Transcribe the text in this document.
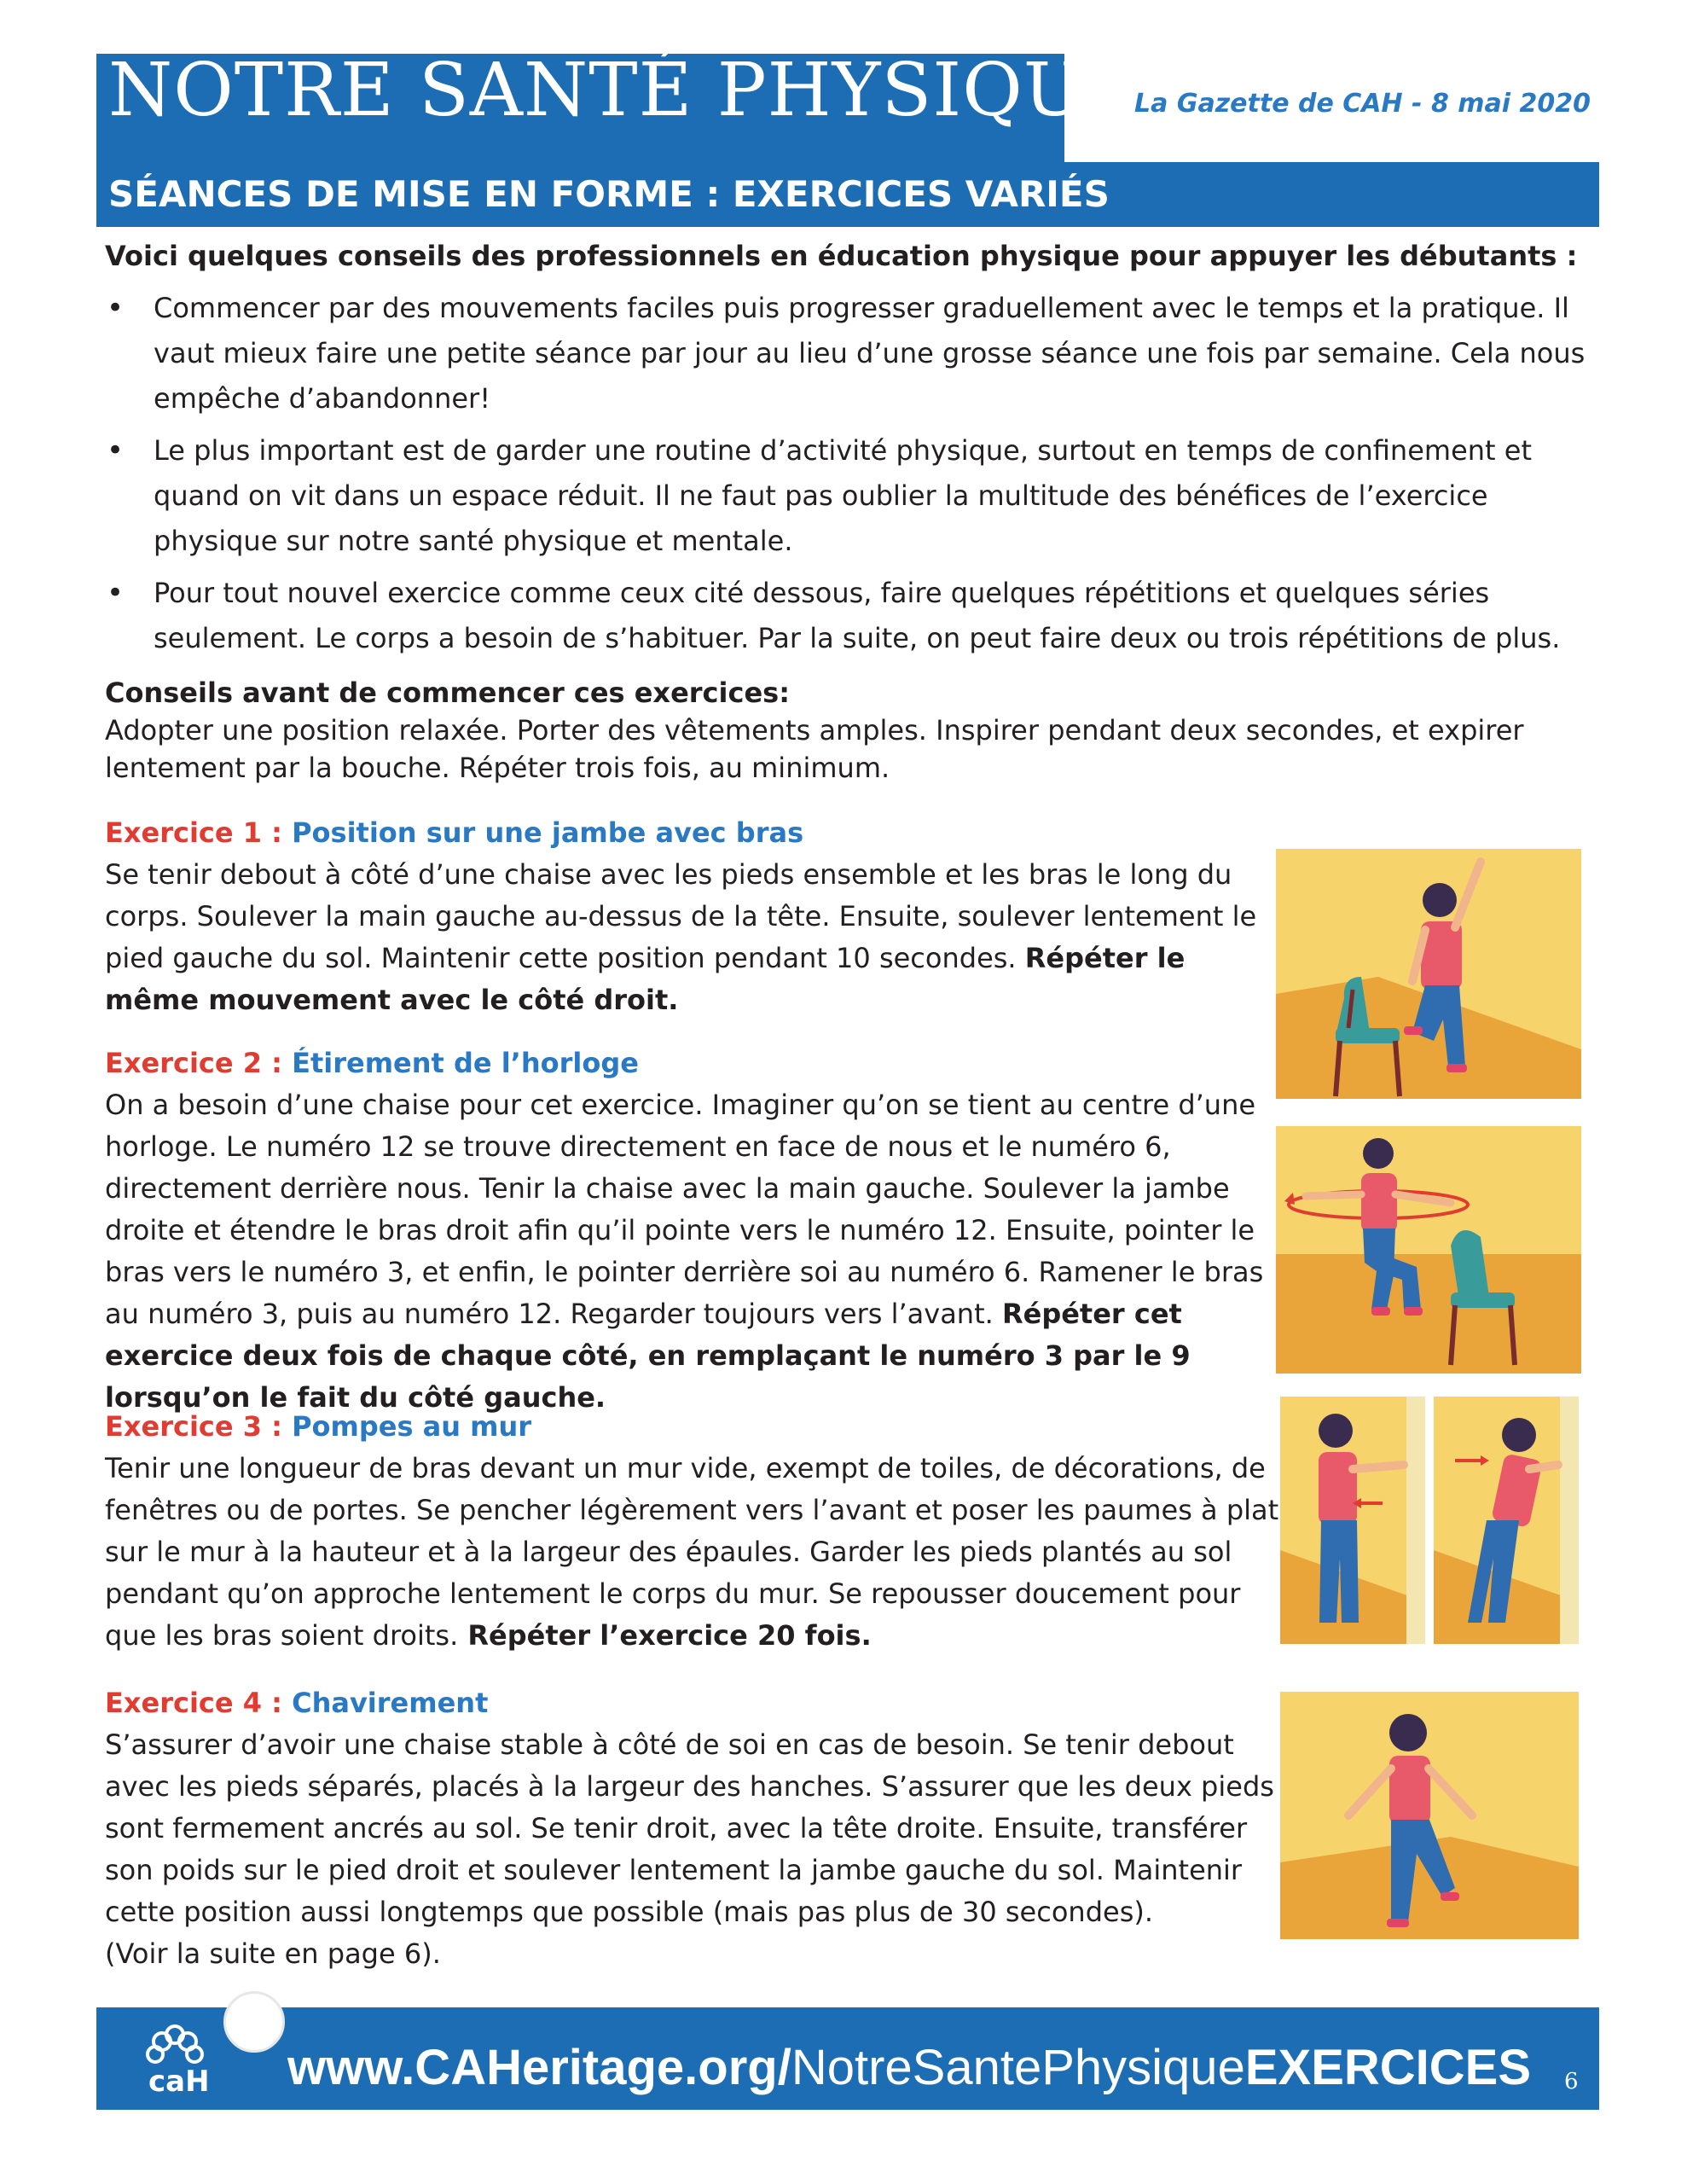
NOTRE SANTÉ PHYSIQUE
La Gazette de CAH - 8 mai 2020
SÉANCES DE MISE EN FORME : EXERCICES VARIÉS
Voici quelques conseils des professionnels en éducation physique pour appuyer les débutants :
• Commencer par des mouvements faciles puis progresser graduellement avec le temps et la pratique. Il vaut mieux faire une petite séance par jour au lieu d’une grosse séance une fois par semaine. Cela nous empêche d’abandonner!
• Le plus important est de garder une routine d’activité physique, surtout en temps de confinement et quand on vit dans un espace réduit. Il ne faut pas oublier la multitude des bénéfices de l’exercice physique sur notre santé physique et mentale.
• Pour tout nouvel exercice comme ceux cité dessous, faire quelques répétitions et quelques séries seulement. Le corps a besoin de s’habituer. Par la suite, on peut faire deux ou trois répétitions de plus.
Conseils avant de commencer ces exercices:
Adopter une position relaxée. Porter des vêtements amples. Inspirer pendant deux secondes, et expirer lentement par la bouche. Répéter trois fois, au minimum.
Exercice 1 : Position sur une jambe avec bras
Se tenir debout à côté d’une chaise avec les pieds ensemble et les bras le long du corps. Soulever la main gauche au-dessus de la tête. Ensuite, soulever lentement le pied gauche du sol. Maintenir cette position pendant 10 secondes. Répéter le même mouvement avec le côté droit.
Exercice 2 : Étirement de l’horloge
On a besoin d’une chaise pour cet exercice. Imaginer qu’on se tient au centre d’une horloge. Le numéro 12 se trouve directement en face de nous et le numéro 6, directement derrière nous. Tenir la chaise avec la main gauche. Soulever la jambe droite et étendre le bras droit afin qu’il pointe vers le numéro 12. Ensuite, pointer le bras vers le numéro 3, et enfin, le pointer derrière soi au numéro 6. Ramener le bras au numéro 3, puis au numéro 12. Regarder toujours vers l’avant. Répéter cet exercice deux fois de chaque côté, en remplaçant le numéro 3 par le 9 lorsqu’on le fait du côté gauche.
Exercice 3 : Pompes au mur
Tenir une longueur de bras devant un mur vide, exempt de toiles, de décorations, de fenêtres ou de portes. Se pencher légèrement vers l’avant et poser les paumes à plat sur le mur à la hauteur et à la largeur des épaules. Garder les pieds plantés au sol pendant qu’on approche lentement le corps du mur. Se repousser doucement pour que les bras soient droits. Répéter l’exercice 20 fois.
Exercice 4 : Chavirement
S’assurer d’avoir une chaise stable à côté de soi en cas de besoin. Se tenir debout avec les pieds séparés, placés à la largeur des hanches. S’assurer que les deux pieds sont fermement ancrés au sol. Se tenir droit, avec la tête droite. Ensuite, transférer son poids sur le pied droit et soulever lentement la jambe gauche du sol. Maintenir cette position aussi longtemps que possible (mais pas plus de 30 secondes).
(Voir la suite en page 6).
caH www.CAHeritage.org/NotreSantePhysiqueEXERCICES 6
